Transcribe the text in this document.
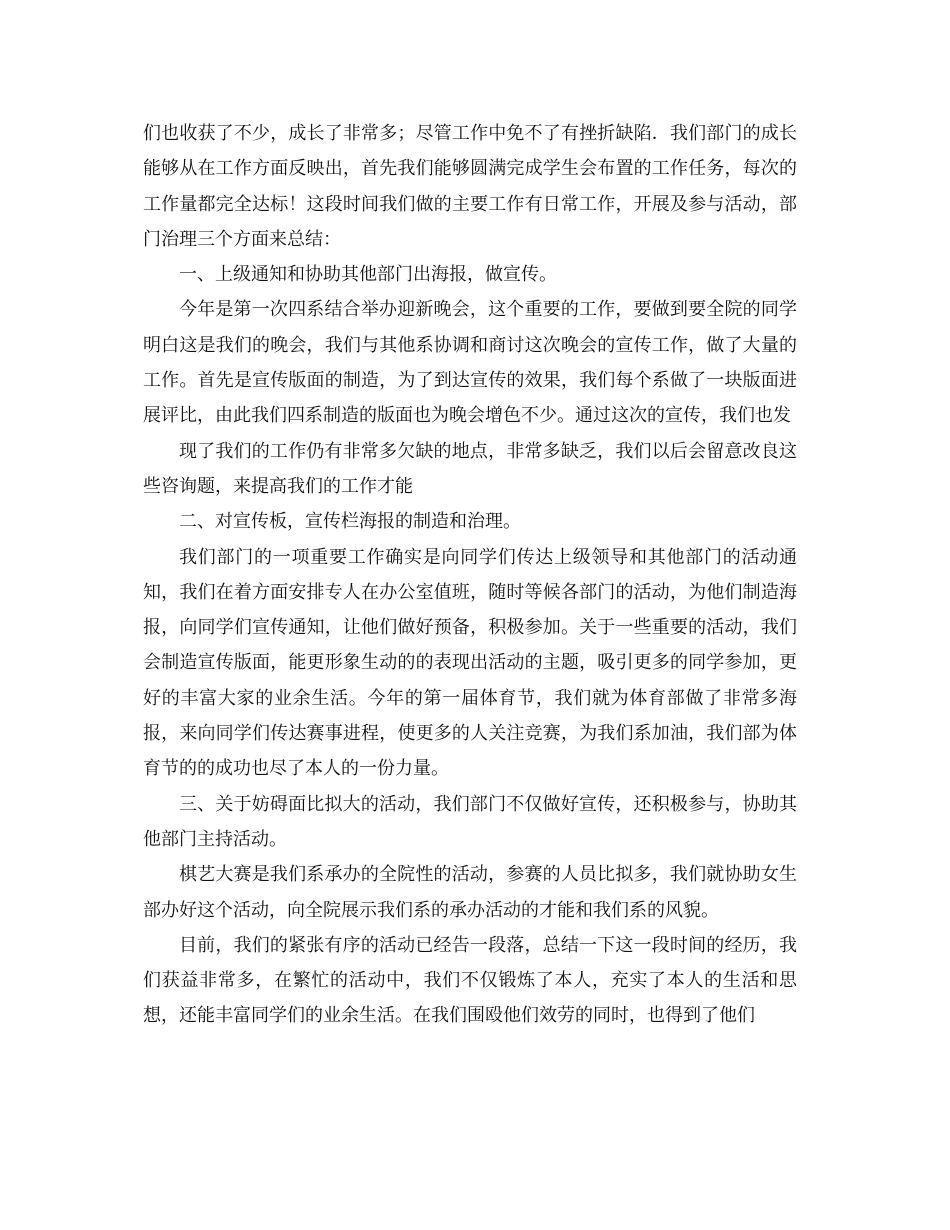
们也收获了不少，成长了非常多；尽管工作中免不了有挫折缺陷．我们部门的成长能够从在工作方面反映出，首先我们能够圆满完成学生会布置的工作任务，每次的工作量都完全达标！这段时间我们做的主要工作有日常工作，开展及参与活动，部门治理三个方面来总结：

一、上级通知和协助其他部门出海报，做宣传。

今年是第一次四系结合举办迎新晚会，这个重要的工作，要做到要全院的同学明白这是我们的晚会，我们与其他系协调和商讨这次晚会的宣传工作，做了大量的工作。首先是宣传版面的制造，为了到达宣传的效果，我们每个系做了一块版面进展评比，由此我们四系制造的版面也为晚会增色不少。通过这次的宣传，我们也发

现了我们的工作仍有非常多欠缺的地点，非常多缺乏，我们以后会留意改良这些咨询题，来提高我们的工作才能

二、对宣传板，宣传栏海报的制造和治理。

我们部门的一项重要工作确实是向同学们传达上级领导和其他部门的活动通知，我们在着方面安排专人在办公室值班，随时等候各部门的活动，为他们制造海报，向同学们宣传通知，让他们做好预备，积极参加。关于一些重要的活动，我们会制造宣传版面，能更形象生动的的表现出活动的主题，吸引更多的同学参加，更好的丰富大家的业余生活。今年的第一届体育节，我们就为体育部做了非常多海报，来向同学们传达赛事进程，使更多的人关注竞赛，为我们系加油，我们部为体育节的的成功也尽了本人的一份力量。

三、关于妨碍面比拟大的活动，我们部门不仅做好宣传，还积极参与，协助其他部门主持活动。

棋艺大赛是我们系承办的全院性的活动，参赛的人员比拟多，我们就协助女生部办好这个活动，向全院展示我们系的承办活动的才能和我们系的风貌。

目前，我们的紧张有序的活动已经告一段落，总结一下这一段时间的经历，我们获益非常多，在繁忙的活动中，我们不仅锻炼了本人，充实了本人的生活和思想，还能丰富同学们的业余生活。在我们围殴他们效劳的同时，也得到了他们
